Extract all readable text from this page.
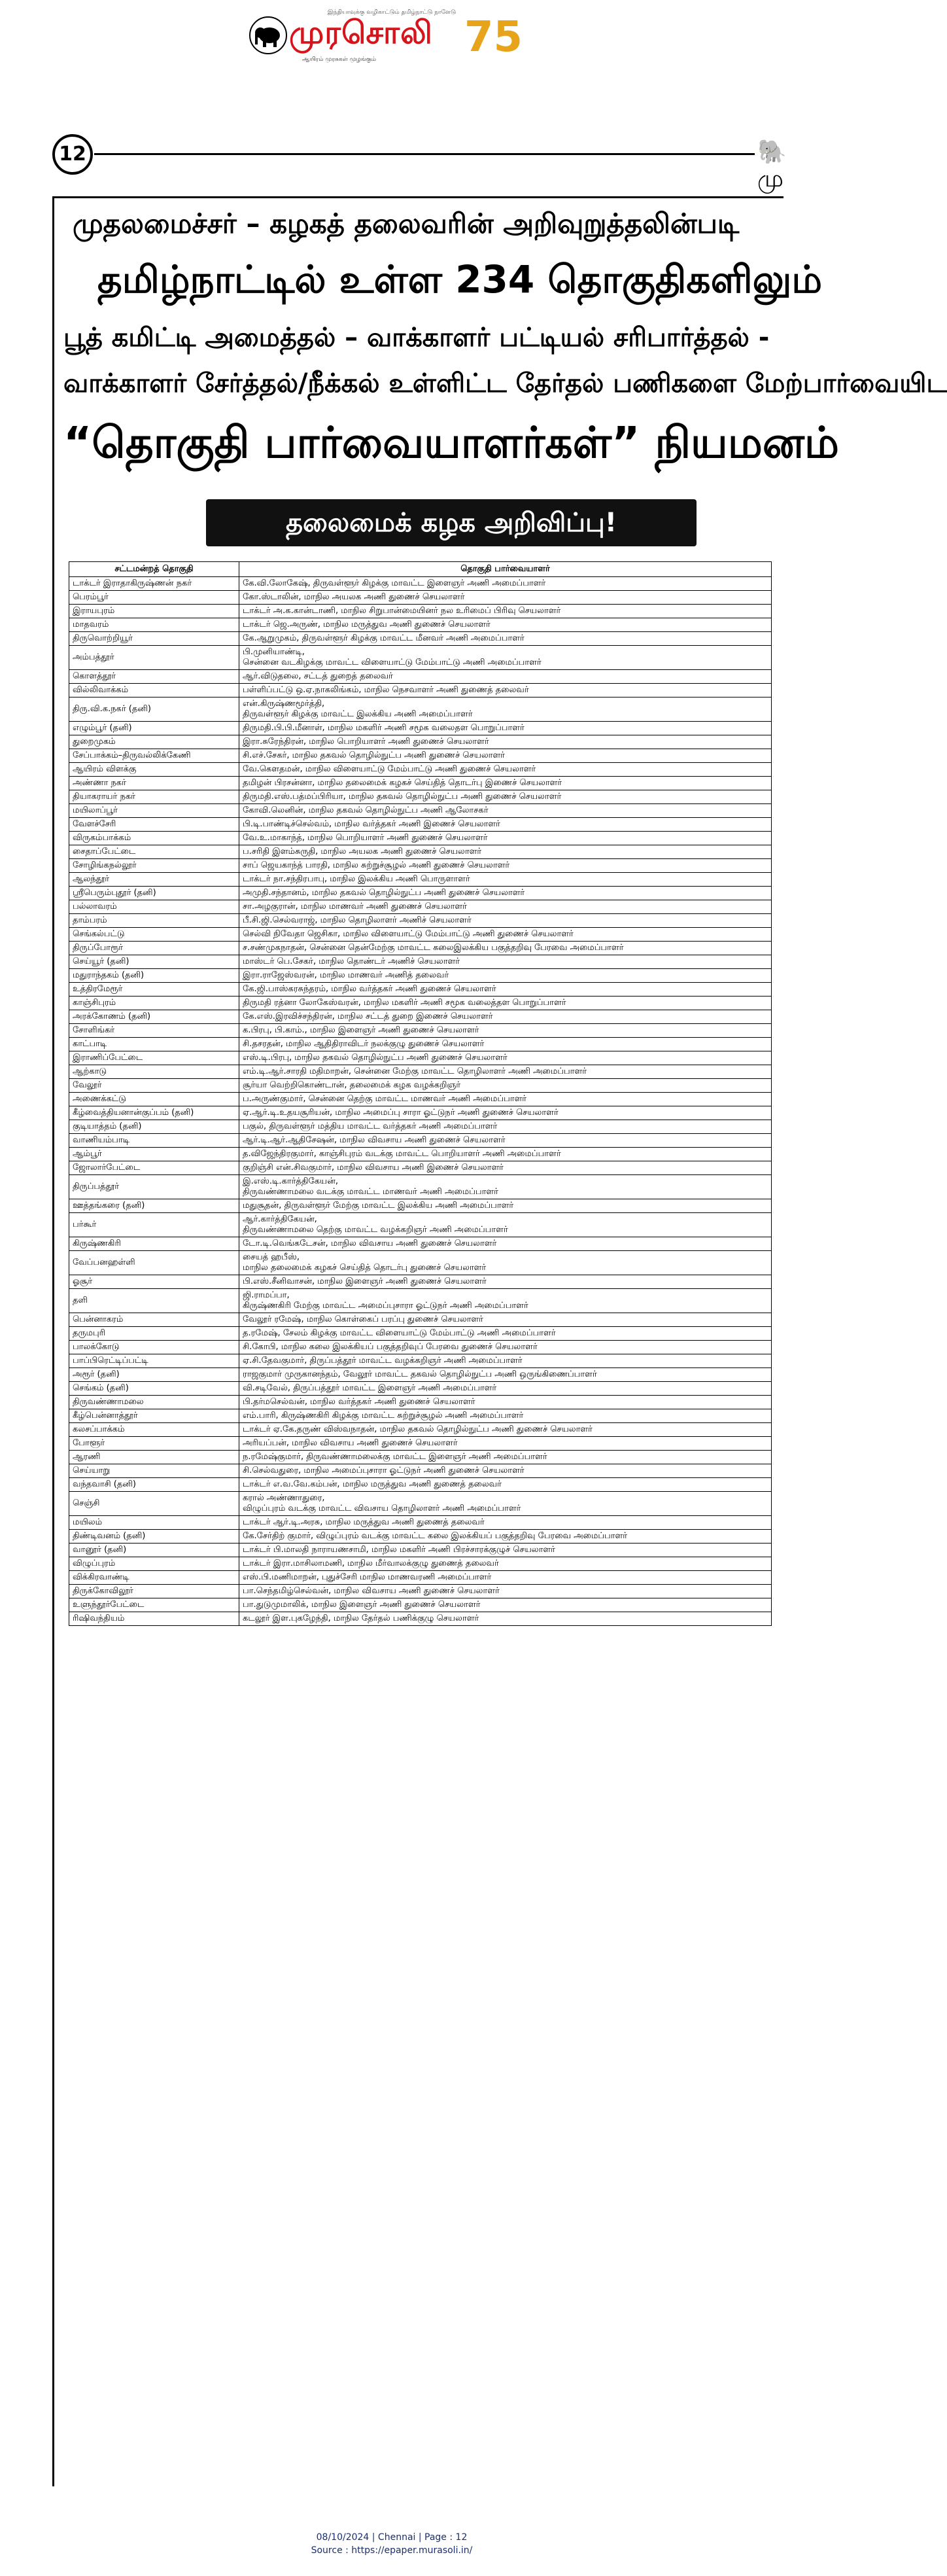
இந்தியாவுக்கு வழிகாட்டும் தமிழ்நாட்டு நாளேடு
முரசொலி 75
ஆயிரம் முரசுகள் முழங்கும்
12	🐘மு
முதலமைச்சர் – கழகத் தலைவரின் அறிவுறுத்தலின்படி
தமிழ்நாட்டில் உள்ள 234 தொகுதிகளிலும்
பூத் கமிட்டி அமைத்தல் – வாக்காளர் பட்டியல் சரிபார்த்தல் -
வாக்காளர் சேர்த்தல்/நீக்கல் உள்ளிட்ட தேர்தல் பணிகளை மேற்பார்வையிட
“தொகுதி பார்வையாளர்கள்” நியமனம்
தலைமைக் கழக அறிவிப்பு!
சட்டமன்றத் தொகுதி	தொகுதி பார்வையாளர்
டாக்டர் இராதாகிருஷ்ணன் நகர்	கே.வி.லோகேஷ், திருவள்ளூர் கிழக்கு மாவட்ட இளைஞர் அணி அமைப்பாளர்
பெரம்பூர்	கோ.ஸ்டாலின், மாநில அயலக அணி துணைச் செயலாளர்
இராயபுரம்	டாக்டர் அ.க.கான்டாணி, மாநில சிறுபான்மையினர் நல உரிமைப் பிரிவு செயலாளர்
மாதவரம்	டாக்டர் ஜெ.அருண், மாநில மருத்துவ அணி துணைச் செயலாளர்
திருவொற்றியூர்	கே.ஆறுமுகம், திருவள்ளூர் கிழக்கு மாவட்ட மீனவர் அணி அமைப்பாளர்
அம்பத்தூர்	பி.முனியாண்டி,
சென்னை வடகிழக்கு மாவட்ட விளையாட்டு மேம்பாட்டு அணி அமைப்பாளர்
கொளத்தூர்	ஆர்.விடுதலை, சட்டத் துறைத் தலைவர்
வில்லிவாக்கம்	பள்ளிப்பட்டு ஒ.ஏ.நாகலிங்கம், மாநில நெசவாளர் அணி துணைத் தலைவர்
திரு.வி.க.நகர் (தனி)	என்.கிருஷ்ணமூர்த்தி,
திருவள்ளூர் கிழக்கு மாவட்ட இலக்கிய அணி அமைப்பாளர்
எழும்பூர் (தனி)	திருமதி.பி.பி.மீனாள், மாநில மகளிர் அணி சமூக வலைதள பொறுப்பாளர்
துறைமுகம்	இரா.சுரேந்திரன், மாநில பொறியாளர் அணி துணைச் செயலாளர்
சேப்பாக்கம்–திருவல்லிக்கேணி	சி.எச்.சேகர், மாநில தகவல் தொழில்நுட்ப அணி துணைச் செயலாளர்
ஆயிரம் விளக்கு	வே.கௌதமன், மாநில விளையாட்டு மேம்பாட்டு அணி துணைச் செயலாளர்
அண்ணா நகர்	தமிழன் பிரசன்னா, மாநில தலைமைக் கழகச் செய்தித் தொடர்பு இணைச் செயலாளர்
தியாகராயர் நகர்	திருமதி.எஸ்.பத்மப்பிரியா, மாநில தகவல் தொழில்நுட்ப அணி துணைச் செயலாளர்
மயிலாப்பூர்	கோவி.லெனின், மாநில தகவல் தொழில்நுட்ப அணி ஆலோசகர்
வேளச்சேரி	பி.டி.பாண்டிச்செல்வம், மாநில வர்த்தகர் அணி இணைச் செயலாளர்
விருகம்பாக்கம்	வே.உ.மாகாந்த், மாநில பொறியாளர் அணி துணைச் செயலாளர்
சைதாப்பேட்டை	ப.சரிதி இளம்சுருதி, மாநில அயலக அணி துணைச் செயலாளர்
சோழிங்கநல்லூர்	சாப் ஜெயகாந்த் பாரதி, மாநில சுற்றுச்சூழல் அணி துணைச் செயலாளர்
ஆலந்தூர்	டாக்டர் நா.சந்திரபாபு, மாநில இலக்கிய அணி பொருளாளர்
ஸ்ரீபெரும்புதூர் (தனி)	அமுதி.சந்தானம், மாநில தகவல் தொழில்நுட்ப அணி துணைச் செயலாளர்
பல்லாவரம்	சா.அழகுரான், மாநில மாணவர் அணி துணைச் செயலாளர்
தாம்பரம்	பீ.சி.ஜி.செல்வராஜ், மாநில தொழிலாளர் அணிச் செயலாளர்
செங்கல்பட்டு	செல்வி நிவேதா ஜெசிகா, மாநில விளையாட்டு மேம்பாட்டு அணி துணைச் செயலாளர்
திருப்போரூர்	ச.சண்முகநாதன், சென்னை தென்மேற்கு மாவட்ட கலைஇலக்கிய பகுத்தறிவு பேரவை அமைப்பாளர்
செய்யூர் (தனி)	மாஸ்டர் பெ.சேகர், மாநில தொண்டர் அணிச் செயலாளர்
மதுராந்தகம் (தனி)	இரா.ராஜேஸ்வரன், மாநில மாணவர் அணித் தலைவர்
உத்திரமேரூர்	கே.ஜி.பாஸ்கரசுந்தரம், மாநில வர்த்தகர் அணி துணைச் செயலாளர்
காஞ்சிபுரம்	திருமதி ரத்னா லோகேஸ்வரன், மாநில மகளிர் அணி சமூக வலைத்தள பொறுப்பாளர்
அரக்கோணம் (தனி)	கே.எஸ்.இரவிச்சந்திரன், மாநில சட்டத் துறை இணைச் செயலாளர்
சோளிங்கர்	க.பிரபு, பி.காம்., மாநில இளைஞர் அணி துணைச் செயலாளர்
காட்பாடி	சி.தசரதன், மாநில ஆதிதிராவிடர் நலக்குழு துணைச் செயலாளர்
இராணிப்பேட்டை	எஸ்.டி.பிரபு, மாநில தகவல் தொழில்நுட்ப அணி துணைச் செயலாளர்
ஆற்காடு	எம்.டி.ஆர்.சாரதி மதிமாறன், சென்னை மேற்கு மாவட்ட தொழிலாளர் அணி அமைப்பாளர்
வேலூர்	சூர்யா வெற்றிகொண்டான், தலைமைக் கழக வழக்கறிஞர்
அணைக்கட்டு	ப.அருண்குமார், சென்னை தெற்கு மாவட்ட மாணவர் அணி அமைப்பாளர்
கீழ்வைத்தியனான்குப்பம் (தனி)	ஏ.ஆர்.டி.உதயசூரியன், மாநில அமைப்பு சாரா ஓட்டுநர் அணி துணைச் செயலாளர்
குடியாத்தம் (தனி)	பகுல், திருவள்ளூர் மத்திய மாவட்ட வர்த்தகர் அணி அமைப்பாளர்
வாணியம்பாடி	ஆர்.டி.ஆர்.ஆதிசேஷன், மாநில விவசாய அணி துணைச் செயலாளர்
ஆம்பூர்	த.விஜேந்திரகுமார், காஞ்சிபுரம் வடக்கு மாவட்ட பொறியாளர் அணி அமைப்பாளர்
ஜோலார்பேட்டை	குறிஞ்சி என்.சிவகுமார், மாநில விவசாய அணி இணைச் செயலாளர்
திருப்பத்தூர்	இ.எஸ்.டி.கார்த்திகேயன்,
திருவண்ணாமலை வடக்கு மாவட்ட மாணவர் அணி அமைப்பாளர்
ஊத்தங்கரை (தனி)	மதுசூதன், திருவள்ளூர் மேற்கு மாவட்ட இலக்கிய அணி அமைப்பாளர்
பர்கூர்	ஆர்.கார்த்திகேயன்,
திருவண்ணாமலை தெற்கு மாவட்ட வழக்கறிஞர் அணி அமைப்பாளர்
கிருஷ்ணகிரி	டோ.டி.வெங்கடேசன், மாநில விவசாய அணி துணைச் செயலாளர்
வேப்பனஹள்ளி	சையத் ஹபீஸ்,
மாநில தலைமைக் கழகச் செய்தித் தொடர்பு துணைச் செயலாளர்
ஓசூர்	பி.எஸ்.சீனிவாசன், மாநில இளைஞர் அணி துணைச் செயலாளர்
தளி	ஜி.ராமப்பா,
கிருஷ்ணகிரி மேற்கு மாவட்ட அமைப்புசாரா ஓட்டுநர் அணி அமைப்பாளர்
பென்னாகரம்	வேலூர் ரமேஷ், மாநில கொள்கைப் பரப்பு துணைச் செயலாளர்
தருமபுரி	த.ரமேஷ், சேலம் கிழக்கு மாவட்ட விளையாட்டு மேம்பாட்டு அணி அமைப்பாளர்
பாலக்கோடு	சி.காேபி, மாநில கலை இலக்கியப் பகுத்தறிவுப் பேரவை துணைச் செயலாளர்
பாப்பிரெட்டிப்பட்டி	ஏ.சி.தேவகுமார், திருப்பத்தூர் மாவட்ட வழக்கறிஞர் அணி அமைப்பாளர்
அரூர் (தனி)	ராஜகுமார் முருகானந்தம், வேலூர் மாவட்ட தகவல் தொழில்நுட்ப அணி ஒருங்கிணைப்பாளர்
செங்கம் (தனி)	வி.சடிவேல், திருப்பத்தூர் மாவட்ட இளைஞர் அணி அமைப்பாளர்
திருவண்ணாமலை	பி.தர்மசெல்வன், மாநில வர்த்தகர் அணி துணைச் செயலாளர்
கீழ்பென்னாத்தூர்	எம்.பாரி, கிருஷ்ணகிரி கிழக்கு மாவட்ட சுற்றுச்சூழல் அணி அமைப்பாளர்
கலசப்பாக்கம்	டாக்டர் ஏ.கே.தருண் விஸ்வநாதன், மாநில தகவல் தொழில்நுட்ப அணி துணைச் செயலாளர்
போளூர்	அரியப்பன், மாநில விவசாய அணி துணைச் செயலாளர்
ஆரணி	ந.ரமேஷ்குமார், திருவண்ணாமலைக்கு மாவட்ட இளைஞர் அணி அமைப்பாளர்
செய்யாறு	சி.செல்வதுரை, மாநில அமைப்புசாரா ஓட்டுநர் அணி துணைச் செயலாளர்
வந்தவாசி (தனி)	டாக்டர் எ.வ.வே.கம்பன், மாநில மருத்துவ அணி துணைத் தலைவர்
செஞ்சி	கரால் அண்ணாதுரை,
விழுப்புரம் வடக்கு மாவட்ட விவசாய தொழிலாளர் அணி அமைப்பாளர்
மயிலம்	டாக்டர் ஆர்.டி.அரசு, மாநில மருத்துவ அணி துணைத் தலைவர்
திண்டிவனம் (தனி)	கே.சேர்திற் குமார், விழுப்புரம் வடக்கு மாவட்ட கலை இலக்கியப் பகுத்தறிவு பேரவை அமைப்பாளர்
வானூர் (தனி)	டாக்டர் பி.மாலதி நாராயணசாமி, மாநில மகளிர் அணி பிரச்சாரக்குழுச் செயலாளர்
விழுப்புரம்	டாக்டர் இரா.மாசிலாமணி, மாநில மீர்வாலக்குழு துணைத் தலைவர்
விக்கிரவாண்டி	எஸ்.பி.மணிமாறன், புதுச்சேரி மாநில மாணவரணி அமைப்பாளர்
திருக்கோவிலூர்	பா.செந்தமிழ்செல்வன், மாநில விவசாய அணி துணைச் செயலாளர்
உளுந்தூர்பேட்டை	பா.துடுமுமாலிக், மாநில இளைஞர் அணி துணைச் செயலாளர்
ரிஷிவந்தியம்	கடலூர் இள.புகழேந்தி, மாநில தேர்தல் பணிக்குழு செயலாளர்
08/10/2024 | Chennai | Page : 12
Source : https://epaper.murasoli.in/
